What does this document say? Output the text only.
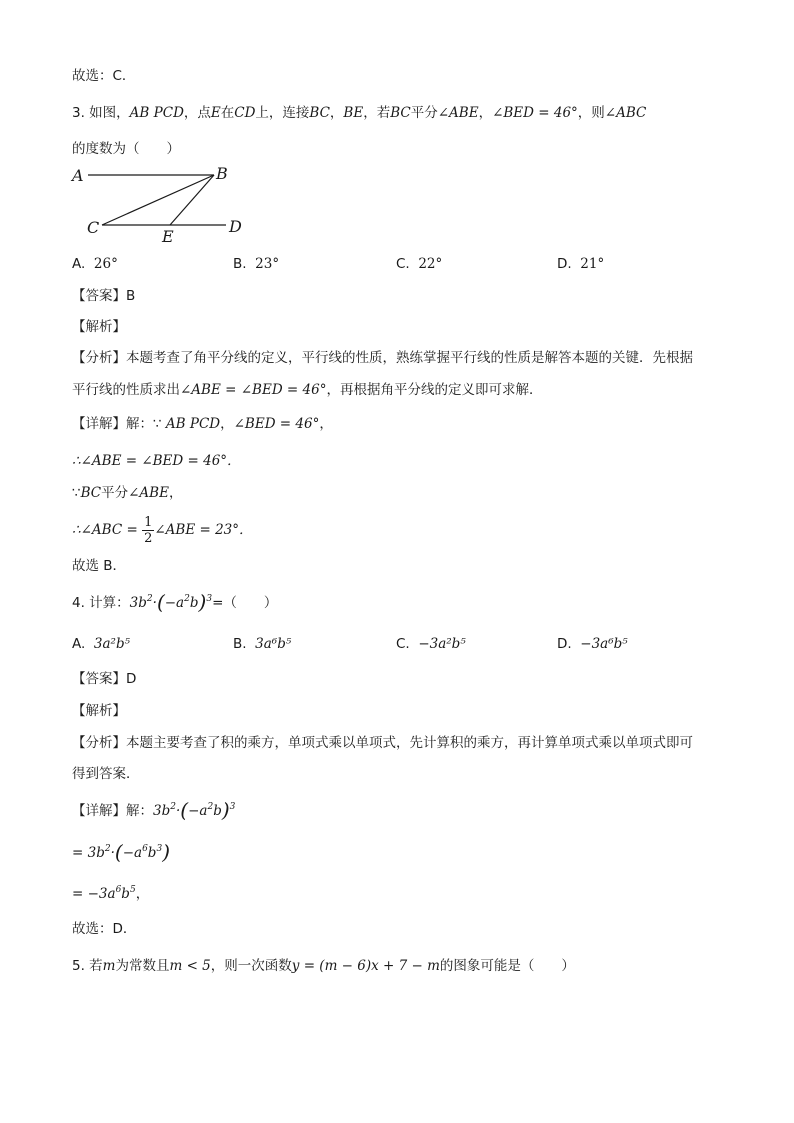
故选：C．
3. 如图，AB PCD，点E在CD上，连接BC，BE，若BC平分∠ABE，∠BED = 46°，则∠ABC
的度数为（　　）
A	B
C	E
D
A. 26°	B. 23°	C. 22°	D. 21°
【答案】B
【解析】
【分析】本题考查了角平分线的定义，平行线的性质，熟练掌握平行线的性质是解答本题的关键．先根据
平行线的性质求出∠ABE = ∠BED = 46°，再根据角平分线的定义即可求解．
【详解】解：∵ AB PCD，∠BED = 46°，
∴∠ABE = ∠BED = 46°．
∵BC平分∠ABE，
∴∠ABC = $\frac{1}{2}$ ∠ABE = 23°．
故选 B．
4. 计算：$3b^2\cdot(-a^2b)^3=$（　　）
A. 3a²b⁵	B. 3a⁶b⁵	C. −3a²b⁵	D. −3a⁶b⁵
【答案】D
【解析】
【分析】本题主要考查了积的乘方，单项式乘以单项式，先计算积的乘方，再计算单项式乘以单项式即可
得到答案．
【详解】解：$3b^2\cdot(-a^2b)^3$
= $3b^2\cdot(-a^6b^3)$
= $-3a^6b^5$，
故选：D．
5. 若m为常数且m < 5，则一次函数y = (m − 6)x + 7 − m的图象可能是（　　）
